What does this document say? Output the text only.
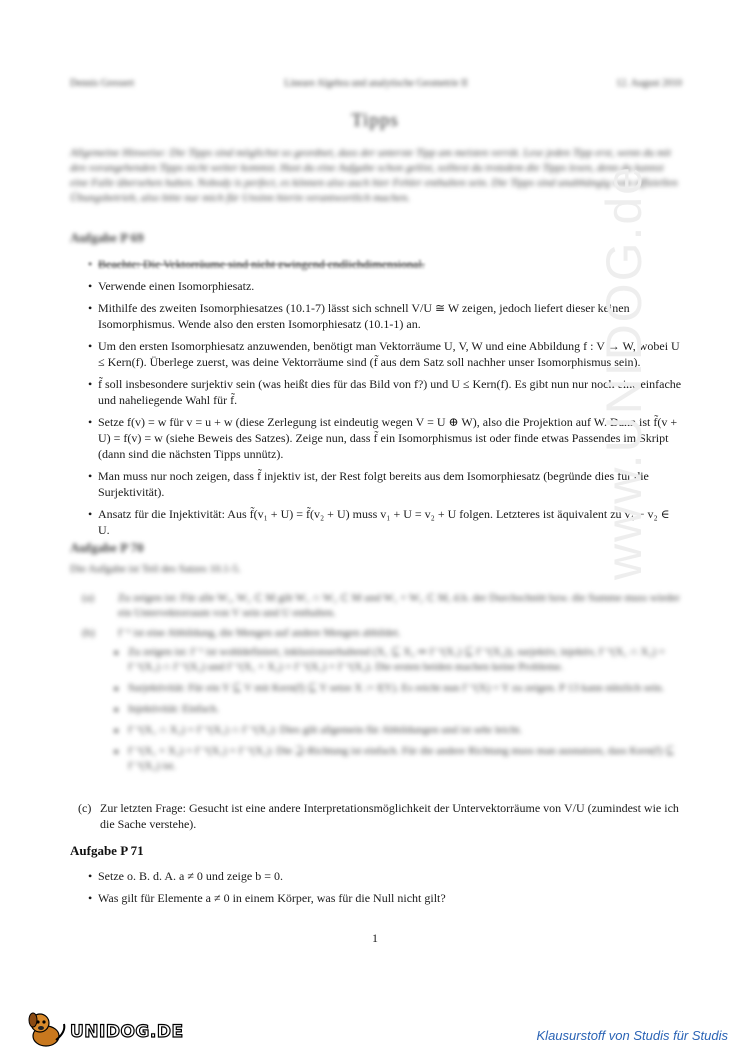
Dennis Gressert	Lineare Algebra und analytische Geometrie II	12. August 2010
Tipps
Allgemeine Hinweise: Die Tipps sind möglichst so geordnet, dass der unterste Tipp am meisten verrät. Lese jeden Tipp erst, wenn du mit den vorangehenden Tipps nicht weiter kommst. Hast du eine Aufgabe schon gelöst, solltest du trotzdem die Tipps lesen, denn du kannst eine Falle übersehen haben. Nobody is perfect, es können also auch hier Fehler enthalten sein. Die Tipps sind unabhängig vom offiziellen Übungsbetrieb, also bitte nur mich für Unsinn hierin verantwortlich machen.
Aufgabe P 69
• Beachte: Die Vektorräume sind nicht zwingend endlichdimensional.
• Verwende einen Isomorphiesatz.
• Mithilfe des zweiten Isomorphiesatzes (10.1-7) lässt sich schnell V/U ≅ W zeigen, jedoch liefert dieser keinen Isomorphismus. Wende also den ersten Isomorphiesatz (10.1-1) an.
• Um den ersten Isomorphiesatz anzuwenden, benötigt man Vektorräume U, V, W und eine Abbildung f : V → W, wobei U ≤ Kern(f). Überlege zuerst, was deine Vektorräume sind (f̃ aus dem Satz soll nachher unser Isomorphismus sein).
• f̃ soll insbesondere surjektiv sein (was heißt dies für das Bild von f?) und U ≤ Kern(f). Es gibt nun nur noch eine einfache und naheliegende Wahl für f̃.
• Setze f(v) = w für v = u + w (diese Zerlegung ist eindeutig wegen V = U ⊕ W), also die Projektion auf W. Dann ist f̃(v + U) = f(v) = w (siehe Beweis des Satzes). Zeige nun, dass f̃ ein Isomorphismus ist oder finde etwas Passendes im Skript (dann sind die nächsten Tipps unnütz).
• Man muss nur noch zeigen, dass f̃ injektiv ist, der Rest folgt bereits aus dem Isomorphiesatz (begründe dies für die Surjektivität).
• Ansatz für die Injektivität: Aus f̃(v₁ + U) = f̃(v₂ + U) muss v₁ + U = v₂ + U folgen. Letzteres ist äquivalent zu v₁ − v₂ ∈ U.
Aufgabe P 70
Die Aufgabe ist Teil des Satzes 10.1-5.
(a) Zu zeigen ist: Für alle W₁, W₂ ⊂ M gilt W₁ ∩ W₂ ⊂ M und W₁ + W₂ ⊂ M, d.h. der Durchschnitt bzw. die Summe muss wieder ein Untervektorraum von V sein und U enthalten.
(b) f⁻¹ ist eine Abbildung, die Mengen auf andere Mengen abbildet.
■ Zu zeigen ist: f⁻¹ ist wohldefiniert, inklusionserhaltend (X₁ ⊆ X₂ ⇒ f⁻¹(X₁) ⊆ f⁻¹(X₂)), surjektiv, injektiv, f⁻¹(X₁ ∩ X₂) = f⁻¹(X₁) ∩ f⁻¹(X₂) und f⁻¹(X₁ + X₂) = f⁻¹(X₁) + f⁻¹(X₂). Die ersten beiden machen keine Probleme.
■ Surjektivität: Für ein Y ⊆ V mit Kern(f) ⊆ Y setze X := f(Y). Es reicht nun f⁻¹(X) = Y zu zeigen. P 13 kann nützlich sein.
■ Injektivität: Einfach.
■ f⁻¹(X₁ ∩ X₂) = f⁻¹(X₁) ∩ f⁻¹(X₂): Dies gilt allgemein für Abbildungen und ist sehr leicht.
■ f⁻¹(X₁ + X₂) = f⁻¹(X₁) + f⁻¹(X₂): Die ⊇-Richtung ist einfach. Für die andere Richtung muss man ausnutzen, dass Kern(f) ⊆ f⁻¹(X₂) ist.
(c) Zur letzten Frage: Gesucht ist eine andere Interpretationsmöglichkeit der Untervektorräume von V/U (zumindest wie ich die Sache verstehe).
Aufgabe P 71
• Setze o. B. d. A. a ≠ 0 und zeige b = 0.
• Was gilt für Elemente a ≠ 0 in einem Körper, was für die Null nicht gilt?
1
www.UNIDOG.de
UNIDOG.DE	Klausurstoff von Studis für Studis
